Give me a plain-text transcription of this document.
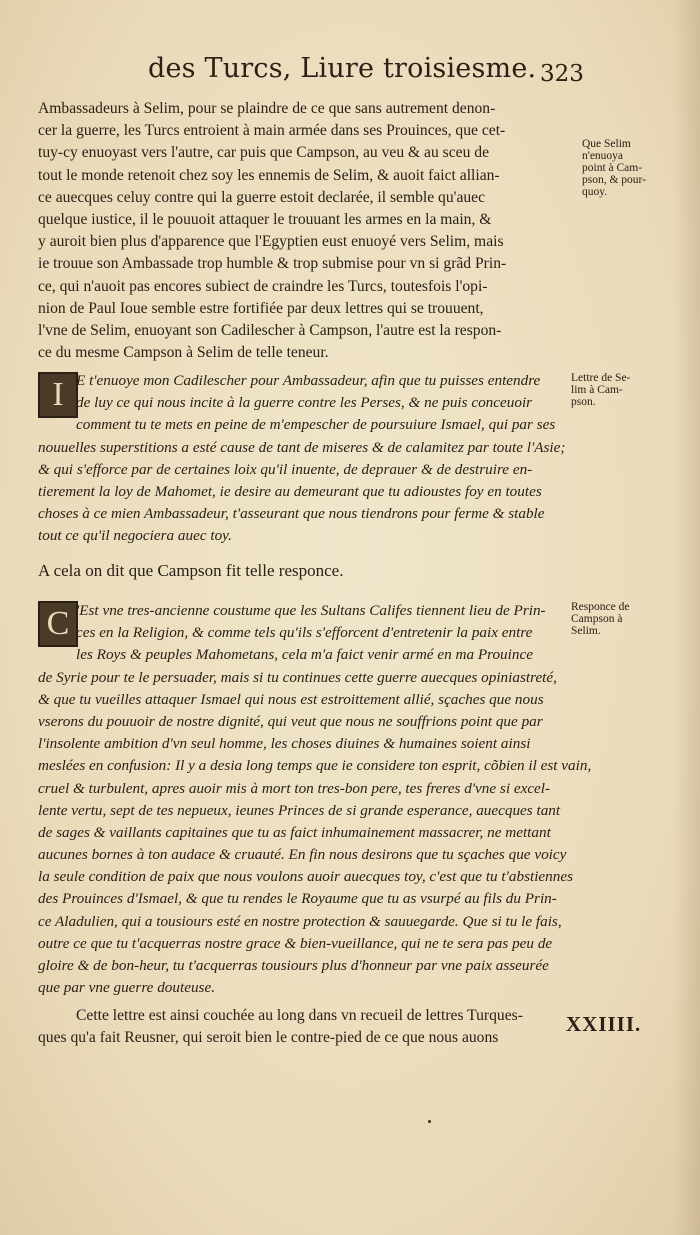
des Turcs, Liure troisiesme. 323
Ambassadeurs à Selim, pour se plaindre de ce que sans autrement denon-
cer la guerre, les Turcs entroient à main armée dans ses Prouinces, que cet-
tuy-cy enuoyast vers l'autre, car puis que Campson, au veu & au sceu de
tout le monde retenoit chez soy les ennemis de Selim, & auoit faict allian-
ce auecques celuy contre qui la guerre estoit declarée, il semble qu'auec
quelque iustice, il le pouuoit attaquer le trouuant les armes en la main, &
y auroit bien plus d'apparence que l'Egyptien eust enuoyé vers Selim, mais
ie trouue son Ambassade trop humble & trop submise pour vn si grãd Prin-
ce, qui n'auoit pas encores subiect de craindre les Turcs, toutesfois l'opi-
nion de Paul Ioue semble estre fortifiée par deux lettres qui se trouuent,
l'vne de Selim, enuoyant son Cadilescher à Campson, l'autre est la respon-
ce du mesme Campson à Selim de telle teneur.
I E t'enuoye mon Cadilescher pour Ambassadeur, afin que tu puisses entendre
de luy ce qui nous incite à la guerre contre les Perses, & ne puis conceuoir
comment tu te mets en peine de m'empescher de poursuiure Ismael, qui par ses
nouuelles superstitions a esté cause de tant de miseres & de calamitez par toute l'Asie;
& qui s'efforce par de certaines loix qu'il inuente, de deprauer & de destruire en-
tierement la loy de Mahomet, ie desire au demeurant que tu adioustes foy en toutes
choses à ce mien Ambassadeur, t'asseurant que nous tiendrons pour ferme & stable
tout ce qu'il negociera auec toy.
A cela on dit que Campson fit telle responce.
C 'Est vne tres-ancienne coustume que les Sultans Califes tiennent lieu de Prin-
ces en la Religion, & comme tels qu'ils s'efforcent d'entretenir la paix entre
les Roys & peuples Mahometans, cela m'a faict venir armé en ma Prouince
de Syrie pour te le persuader, mais si tu continues cette guerre auecques opiniastreté,
& que tu vueilles attaquer Ismael qui nous est estroittement allié, sçaches que nous
vserons du pouuoir de nostre dignité, qui veut que nous ne souffrions point que par
l'insolente ambition d'vn seul homme, les choses diuines & humaines soient ainsi
meslées en confusion: Il y a desia long temps que ie considere ton esprit, cõbien il est vain,
cruel & turbulent, apres auoir mis à mort ton tres-bon pere, tes freres d'vne si excel-
lente vertu, sept de tes nepueux, ieunes Princes de si grande esperance, auecques tant
de sages & vaillants capitaines que tu as faict inhumainement massacrer, ne mettant
aucunes bornes à ton audace & cruauté. En fin nous desirons que tu sçaches que voicy
la seule condition de paix que nous voulons auoir auecques toy, c'est que tu t'abstiennes
des Prouinces d'Ismael, & que tu rendes le Royaume que tu as vsurpé au fils du Prin-
ce Aladulien, qui a tousiours esté en nostre protection & sauuegarde. Que si tu le fais,
outre ce que tu t'acquerras nostre grace & bien-vueillance, qui ne te sera pas peu de
gloire & de bon-heur, tu t'acquerras tousiours plus d'honneur par vne paix asseurée
que par vne guerre douteuse.
Cette lettre est ainsi couchée au long dans vn recueil de lettres Turques-
ques qu'a fait Reusner, qui seroit bien le contre-pied de ce que nous auons
XXIIII.
Que Selim
n'enuoya
point à Cam-
pson, & pour-
quoy.
Lettre de Se-
lim à Cam-
pson.
Responce de
Campson à
Selim.
